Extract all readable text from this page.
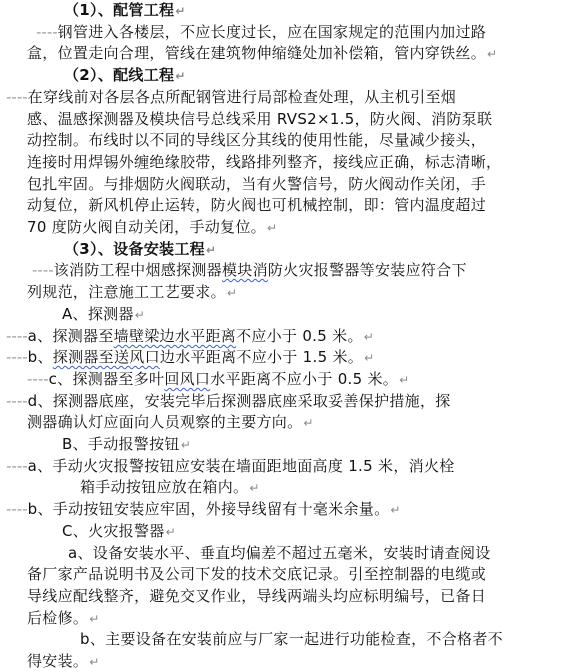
（1）、配管工程↵
----钢管进入各楼层，不应长度过长，应在国家规定的范围内加过路
盒，位置走向合理，管线在建筑物伸缩缝处加补偿箱，管内穿铁丝。↵
（2）、配线工程↵
----在穿线前对各层各点所配钢管进行局部检查处理，从主机引至烟
感、温感探测器及模块信号总线采用 RVS2×1.5，防火阀、消防泵联
动控制。布线时以不同的导线区分其线的使用性能，尽量减少接头，
连接时用焊锡外缠绝缘胶带，线路排列整齐，接线应正确，标志清晰，
包扎牢固。与排烟防火阀联动，当有火警信号，防火阀动作关闭，手
动复位，新风机停止运转，防火阀也可机械控制，即：管内温度超过
70 度防火阀自动关闭，手动复位。↵
（3）、设备安装工程↵
----该消防工程中烟感探测器模块消防火灾报警器等安装应符合下
列规范，注意施工工艺要求。↵
A、探测器↵
----a、探测器至墙壁梁边水平距离不应小于 0.5 米。↵
----b、探测器至送风口边水平距离不应小于 1.5 米。↵
----c、探测器至多叶回风口水平距离不应小于 0.5 米。↵
----d、探测器底座，安装完毕后探测器底座采取妥善保护措施，探
测器确认灯应面向人员观察的主要方向。↵
B、手动报警按钮↵
----a、手动火灾报警按钮应安装在墙面距地面高度 1.5 米，消火栓
箱手动按钮应放在箱内。↵
----b、手动按钮安装应牢固，外接导线留有十毫米余量。↵
C、火灾报警器↵
a、设备安装水平、垂直均偏差不超过五毫米，安装时请查阅设
备厂家产品说明书及公司下发的技术交底记录。引至控制器的电缆或
导线应配线整齐，避免交叉作业，导线两端头均应标明编号，已备日
后检修。↵
b、主要设备在安装前应与厂家一起进行功能检查，不合格者不
得安装。↵
